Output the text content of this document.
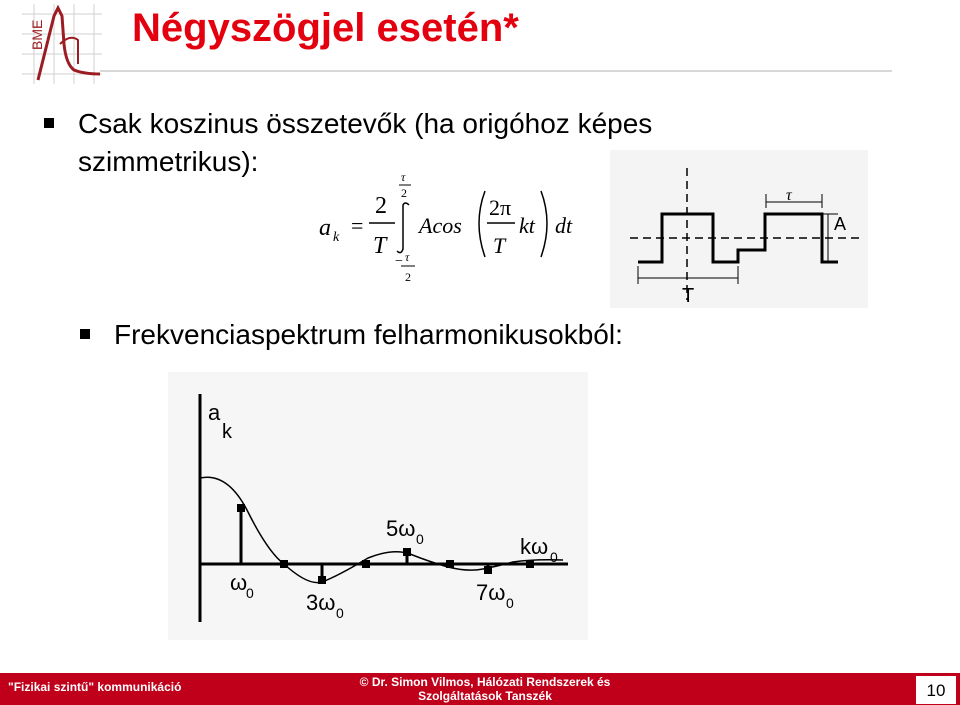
BME Négyszögjel esetén*
Csak koszinus összetevők (ha origóhoz képes
szimmetrikus):
a k =
2
T
τ
2
− τ
2
Acos
2π
T
kt dt
τ
A
T
Frekvenciaspektrum felharmonikusokból:
a
k
ω
0 3ω 0
5ω 0
7ω 0
kω 0
"Fizikai szintű" kommunikáció	© Dr. Simon Vilmos, Hálózati Rendszerek és Szolgáltatások Tanszék	10
